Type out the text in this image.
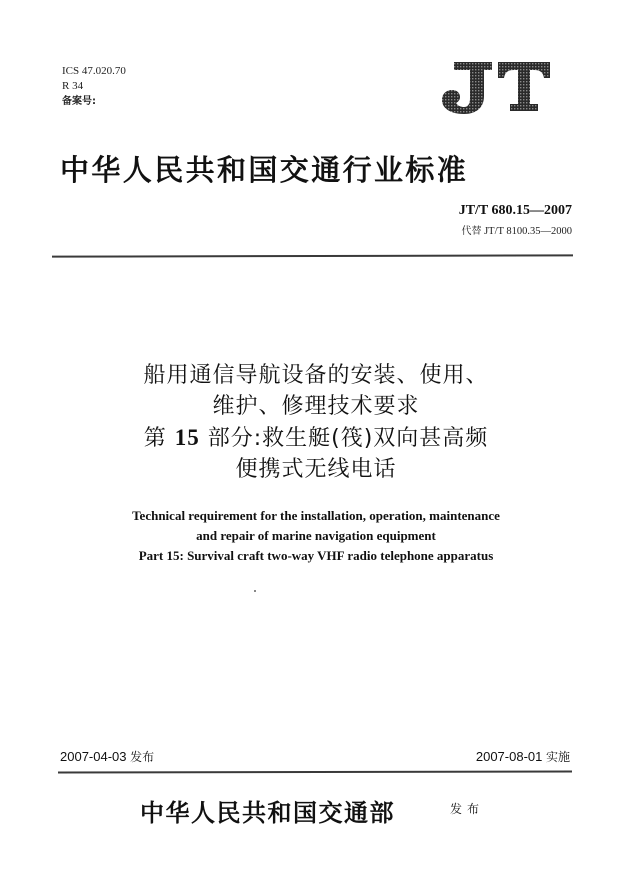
ICS 47.020.70
R 34
备案号:
中华人民共和国交通行业标准
JT/T 680.15—2007
代替 JT/T 8100.35—2000
船用通信导航设备的安装、使用、
维护、修理技术要求
第 15 部分:救生艇(筏)双向甚高频
便携式无线电话
Technical requirement for the installation, operation, maintenance
and repair of marine navigation equipment
Part 15: Survival craft two-way VHF radio telephone apparatus
2007-04-03 发布	2007-08-01 实施
中华人民共和国交通部	发布
